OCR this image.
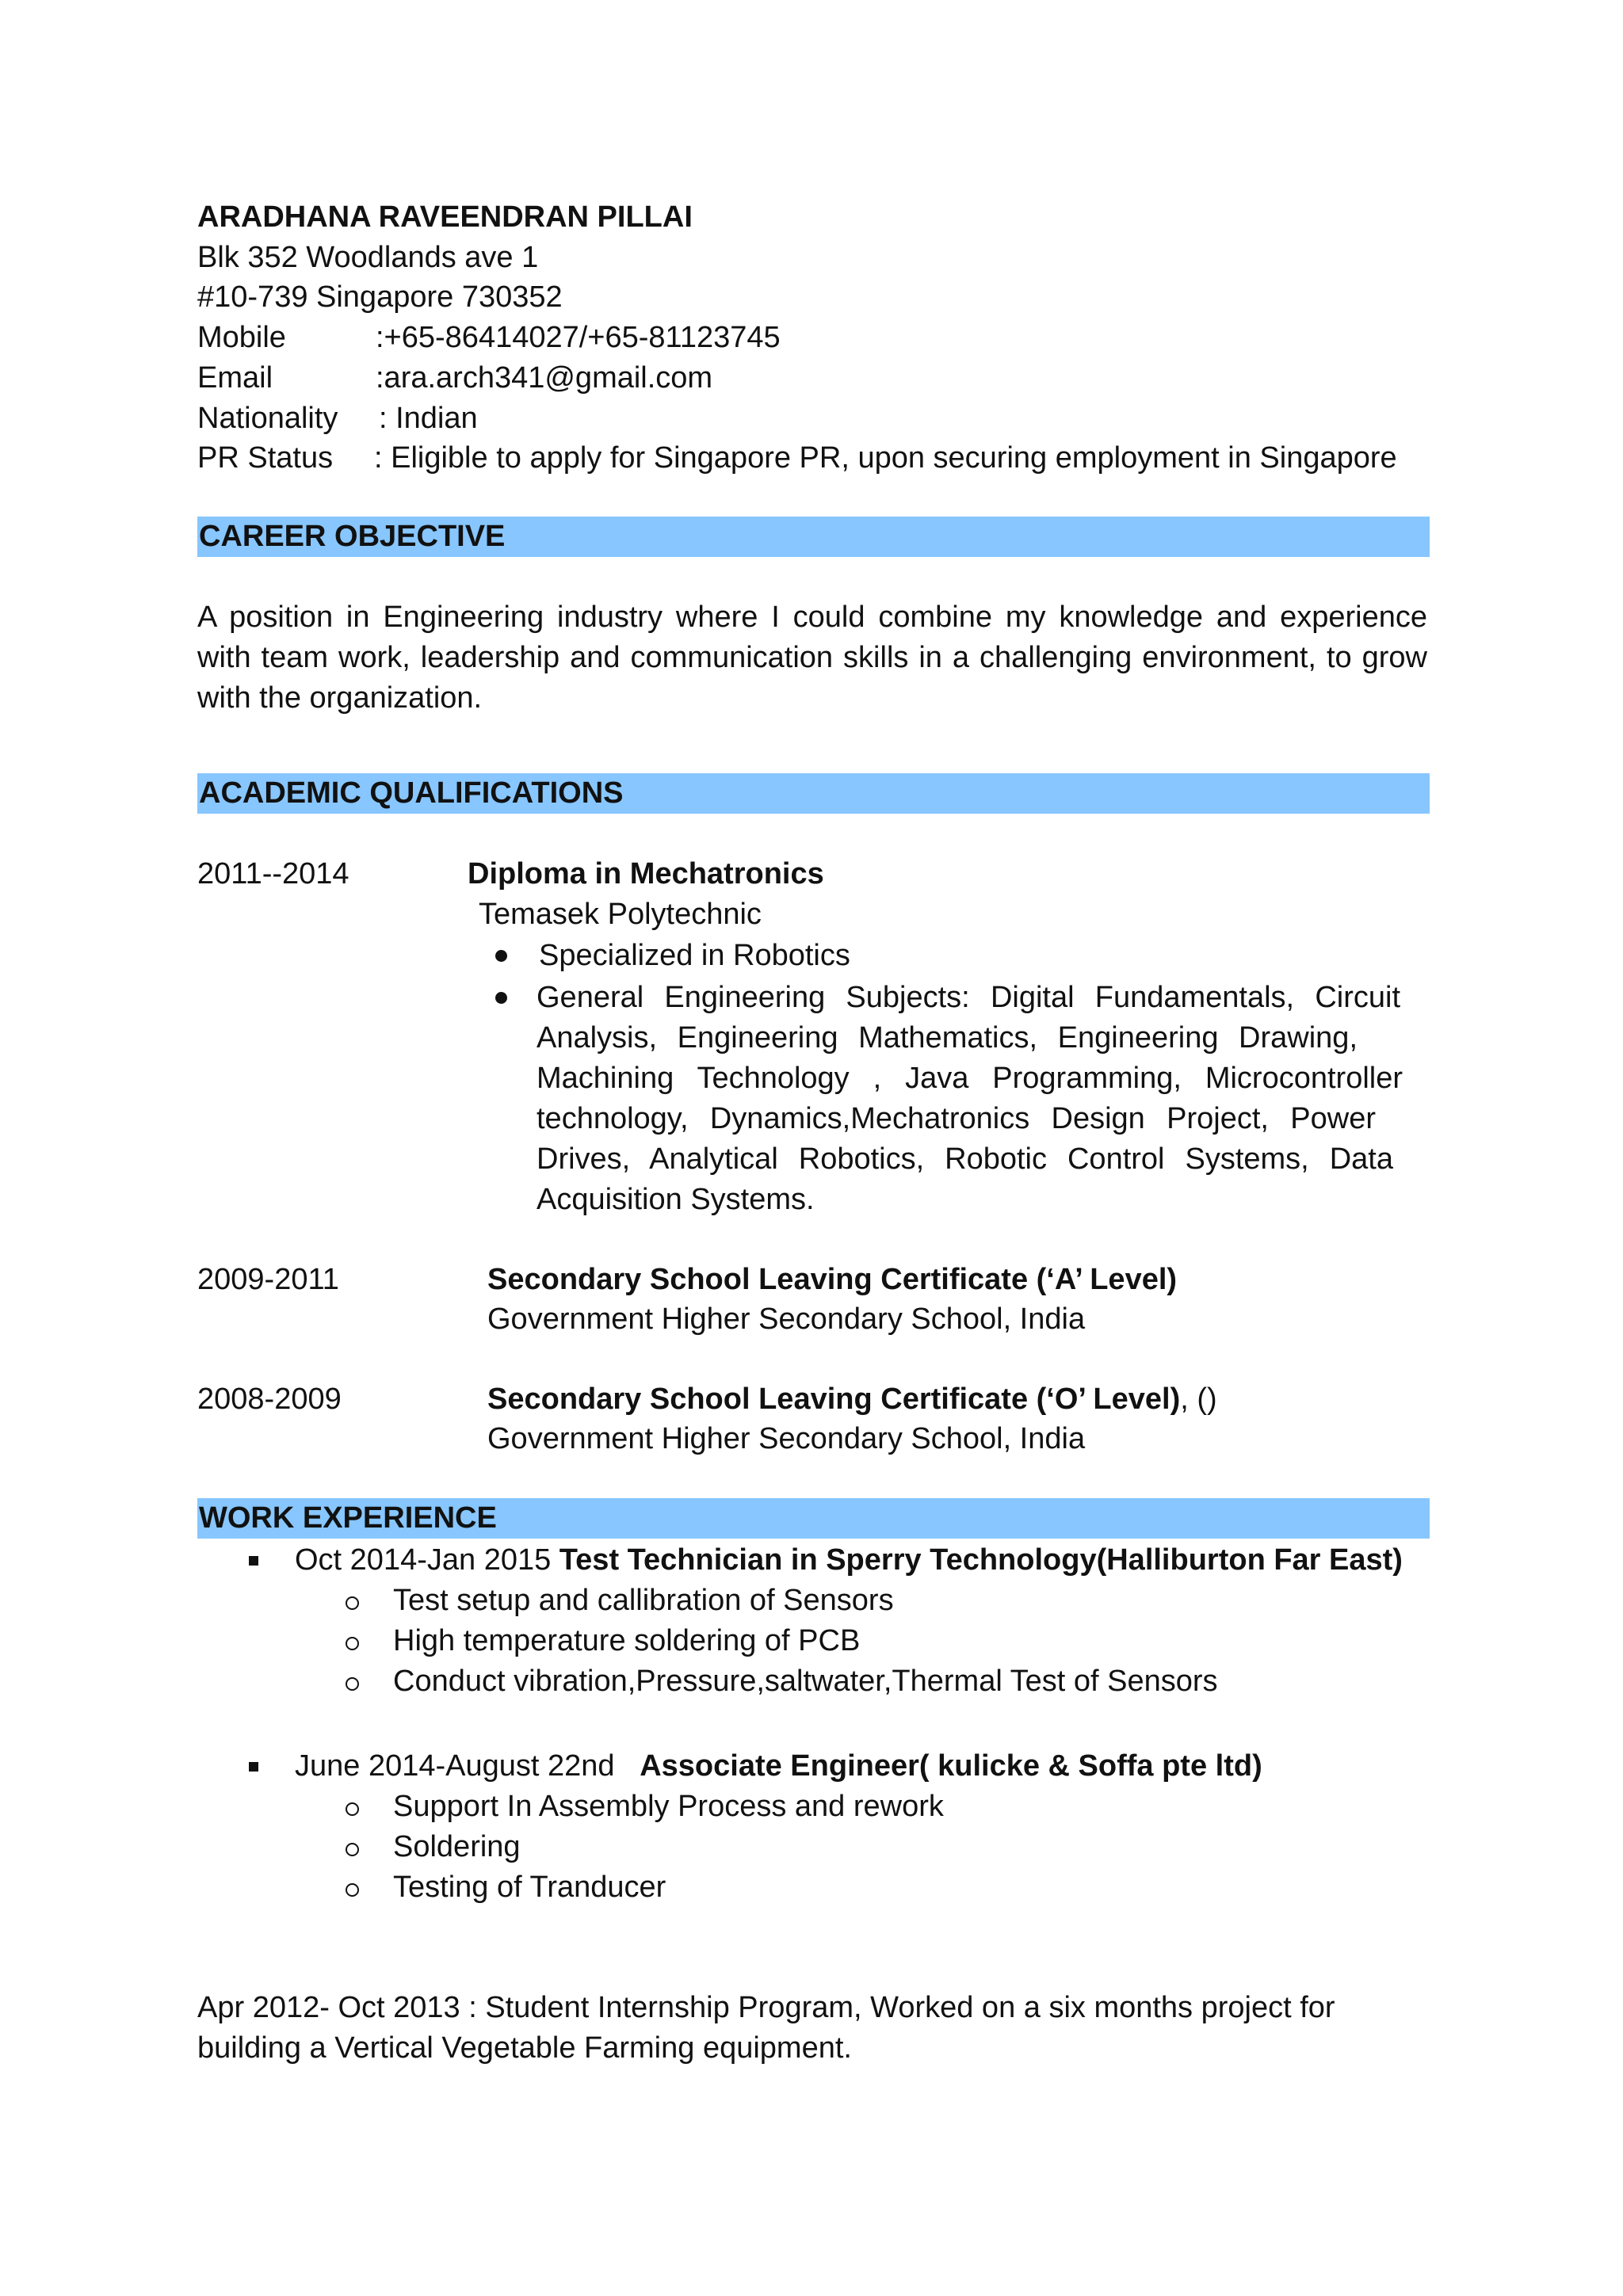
ARADHANA RAVEENDRAN PILLAI
Blk 352 Woodlands ave 1
#10-739 Singapore 730352
Mobile	:+65-86414027/+65-81123745
Email	:ara.arch341@gmail.com
Nationality : Indian
PR Status : Eligible to apply for Singapore PR, upon securing employment in Singapore
CAREER OBJECTIVE
A position in Engineering industry where I could combine my knowledge and experience
with team work, leadership and communication skills in a challenging environment, to grow
with the organization.
ACADEMIC QUALIFICATIONS
2011--2014	Diploma in Mechatronics
Temasek Polytechnic
Specialized in Robotics
General Engineering Subjects: Digital Fundamentals, Circuit
Analysis, Engineering Mathematics, Engineering Drawing,
Machining Technology , Java Programming, Microcontroller
technology, Dynamics,Mechatronics Design Project, Power
Drives, Analytical Robotics, Robotic Control Systems, Data
Acquisition Systems.
2009-2011	Secondary School Leaving Certificate (‘A’ Level)
Government Higher Secondary School, India
2008-2009	Secondary School Leaving Certificate (‘O’ Level), ()
Government Higher Secondary School, India
WORK EXPERIENCE
Oct 2014-Jan 2015 Test Technician in Sperry Technology(Halliburton Far East)
Test setup and callibration of Sensors
High temperature soldering of PCB
Conduct vibration,Pressure,saltwater,Thermal Test of Sensors
June 2014-August 22nd   Associate Engineer( kulicke & Soffa pte ltd)
Support In Assembly Process and rework
Soldering
Testing of Tranducer
Apr 2012- Oct 2013 : Student Internship Program, Worked on a six months project for
building a Vertical Vegetable Farming equipment.
